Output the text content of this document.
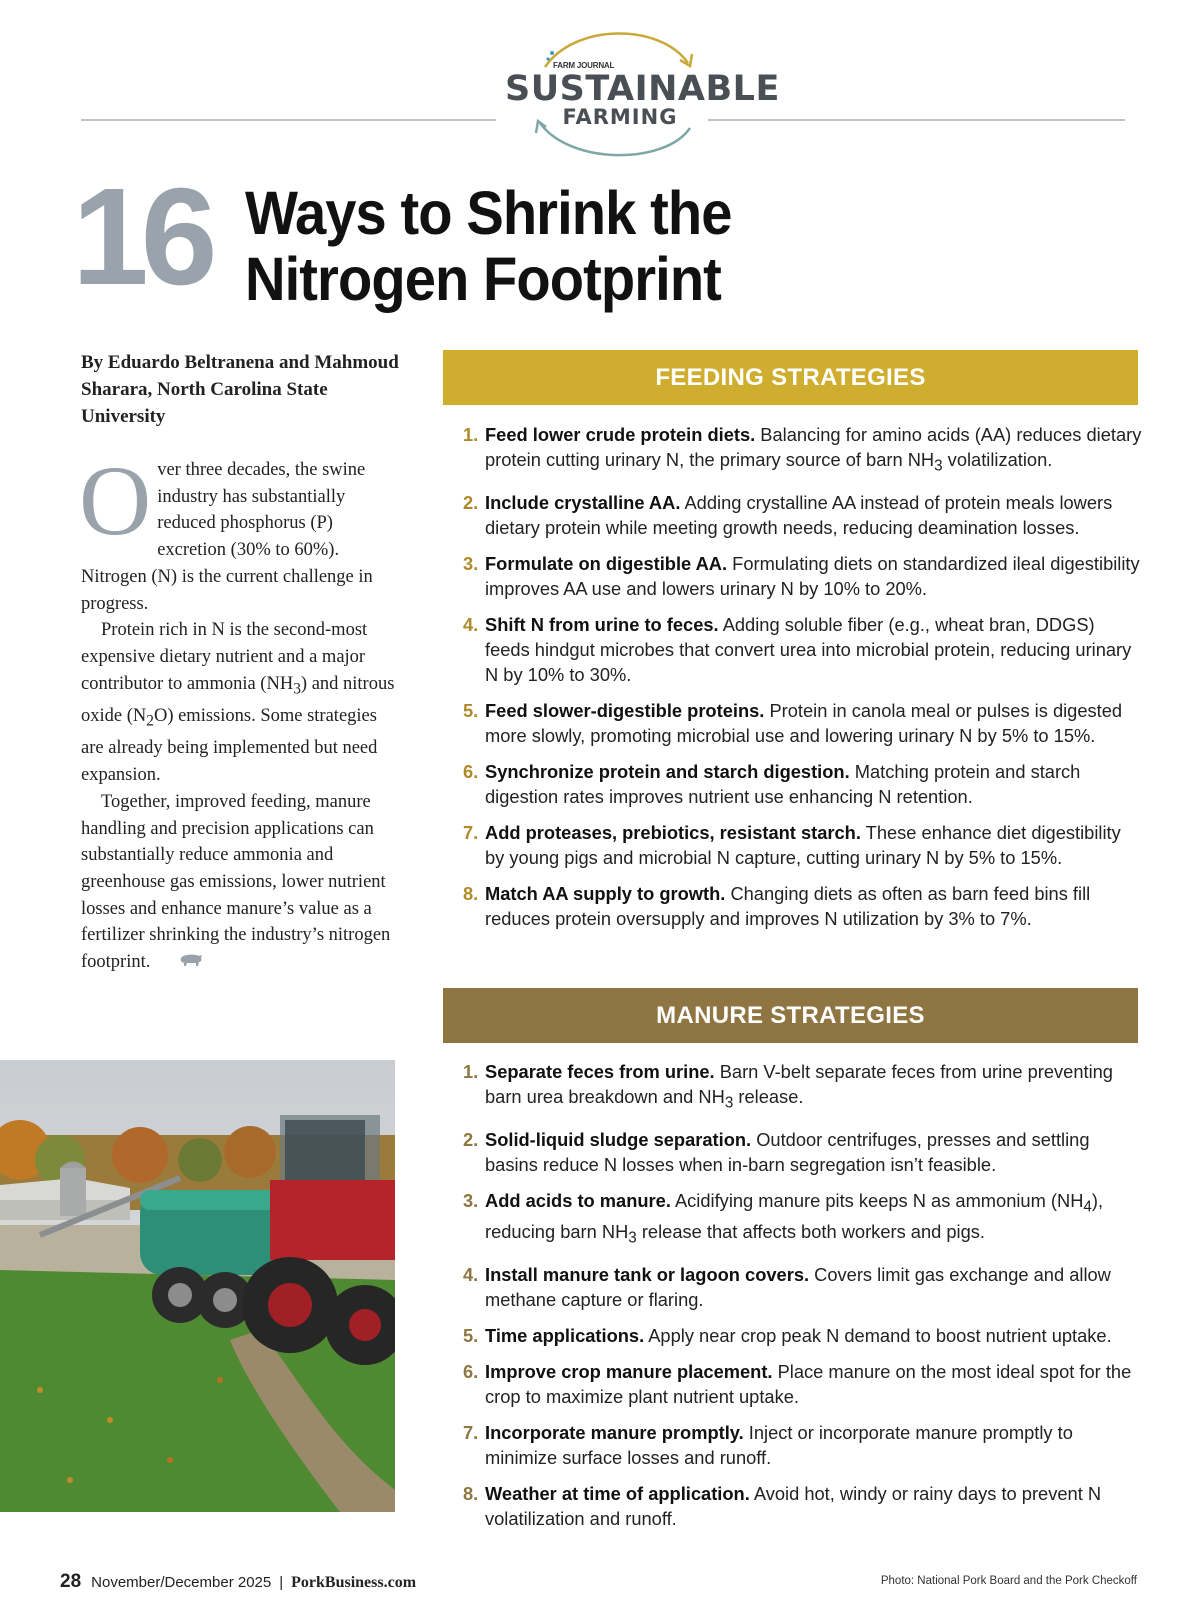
FARM JOURNAL
SUSTAINABLE
FARMING
16 Ways to Shrink the
Nitrogen Footprint
By Eduardo Beltranena and Mahmoud Sharara, North Carolina State University

Over three decades, the swine industry has substantially reduced phosphorus (P) excretion (30% to 60%). Nitrogen (N) is the current challenge in progress.

Protein rich in N is the second-most expensive dietary nutrient and a major contributor to ammonia $(NH_3)$ and nitrous oxide $(N_2O)$ emissions. Some strategies are already being implemented but need expansion.

Together, improved feeding, manure handling and precision applications can substantially reduce ammonia and greenhouse gas emissions, lower nutrient losses and enhance manure’s value as a fertilizer shrinking the industry’s nitrogen footprint.

FEEDING STRATEGIES
1. Feed lower crude protein diets. Balancing for amino acids (AA) reduces dietary protein cutting urinary N, the primary source of barn $NH_3$ volatilization.
2. Include crystalline AA. Adding crystalline AA instead of protein meals lowers dietary protein while meeting growth needs, reducing deamination losses.
3. Formulate on digestible AA. Formulating diets on standardized ileal digestibility improves AA use and lowers urinary N by 10% to 20%.
4. Shift N from urine to feces. Adding soluble fiber (e.g., wheat bran, DDGS) feeds hindgut microbes that convert urea into microbial protein, reducing urinary N by 10% to 30%.
5. Feed slower-digestible proteins. Protein in canola meal or pulses is digested more slowly, promoting microbial use and lowering urinary N by 5% to 15%.
6. Synchronize protein and starch digestion. Matching protein and starch digestion rates improves nutrient use enhancing N retention.
7. Add proteases, prebiotics, resistant starch. These enhance diet digestibility by young pigs and microbial N capture, cutting urinary N by 5% to 15%.
8. Match AA supply to growth. Changing diets as often as barn feed bins fill reduces protein oversupply and improves N utilization by 3% to 7%.
MANURE STRATEGIES
1. Separate feces from urine. Barn V-belt separate feces from urine preventing barn urea breakdown and $NH_3$ release.
2. Solid-liquid sludge separation. Outdoor centrifuges, presses and settling basins reduce N losses when in-barn segregation isn’t feasible.
3. Add acids to manure. Acidifying manure pits keeps N as ammonium $(NH_4)$, reducing barn $NH_3$ release that affects both workers and pigs.
4. Install manure tank or lagoon covers. Covers limit gas exchange and allow methane capture or flaring.
5. Time applications. Apply near crop peak N demand to boost nutrient uptake.
6. Improve crop manure placement. Place manure on the most ideal spot for the crop to maximize plant nutrient uptake.
7. Incorporate manure promptly. Inject or incorporate manure promptly to minimize surface losses and runoff.
8. Weather at time of application. Avoid hot, windy or rainy days to prevent N volatilization and runoff.
28 November/December 2025 | PorkBusiness.com	Photo: National Pork Board and the Pork Checkoff
